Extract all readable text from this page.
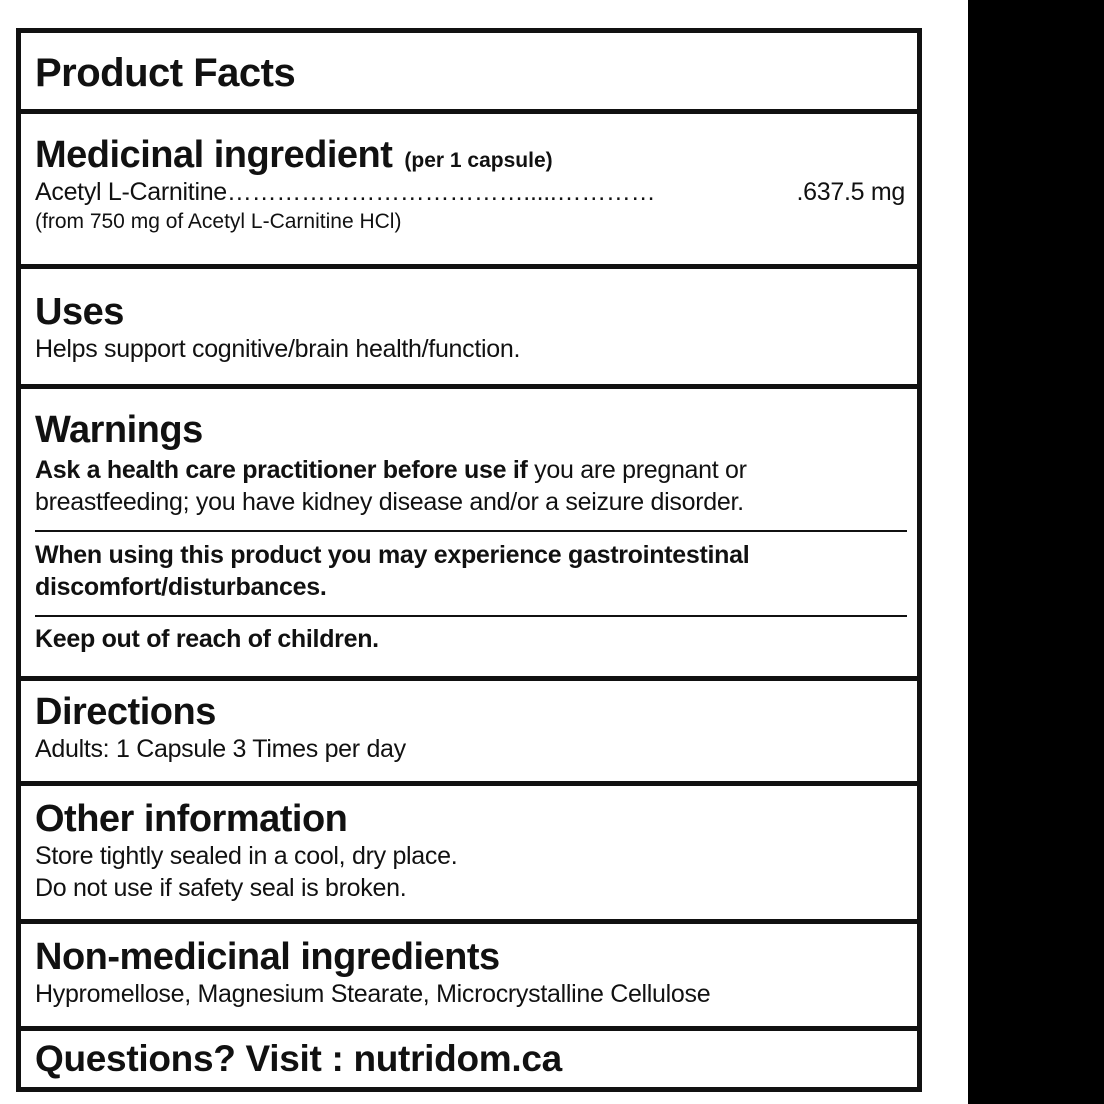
Product Facts
Medicinal ingredient (per 1 capsule)
Acetyl L-Carnitine ……………………………….....…………	.637.5 mg
(from 750 mg of Acetyl L-Carnitine HCl)
Uses
Helps support cognitive/brain health/function.
Warnings
Ask a health care practitioner before use if you are pregnant or
breastfeeding; you have kidney disease and/or a seizure disorder.
When using this product you may experience gastrointestinal
discomfort/disturbances.
Keep out of reach of children.
Directions
Adults: 1 Capsule 3 Times per day
Other information
Store tightly sealed in a cool, dry place.
Do not use if safety seal is broken.
Non-medicinal ingredients
Hypromellose, Magnesium Stearate, Microcrystalline Cellulose
Questions? Visit : nutridom.ca
